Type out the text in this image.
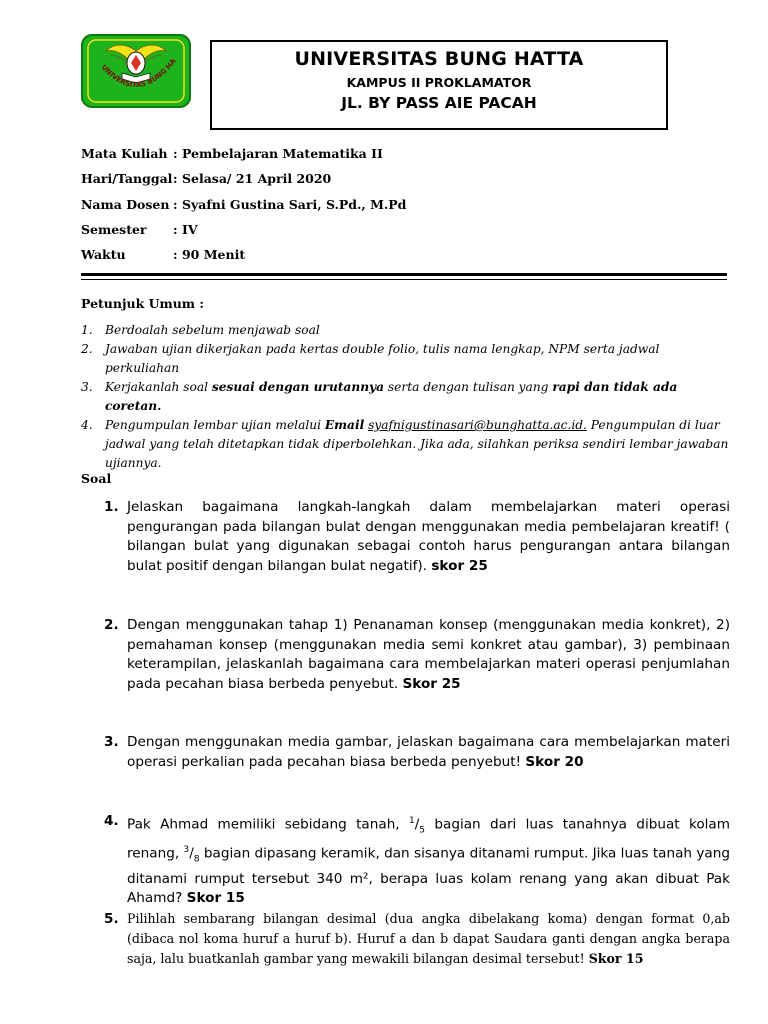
UNIVERSITAS BUNG HA	UNIVERSITAS BUNG HATTA
KAMPUS II PROKLAMATOR
JL. BY PASS AIE PACAH
Mata Kuliah : Pembelajaran Matematika II
Hari/Tanggal : Selasa/ 21 April 2020
Nama Dosen : Syafni Gustina Sari, S.Pd., M.Pd
Semester	: IV
Waktu	: 90 Menit
Petunjuk Umum :
1.	Berdoalah sebelum menjawab soal
2.	Jawaban ujian dikerjakan pada kertas double folio, tulis nama lengkap, NPM serta jadwal perkuliahan
3.	Kerjakanlah soal sesuai dengan urutannya serta dengan tulisan yang rapi dan tidak ada coretan.
4.	Pengumpulan lembar ujian melalui Email syafnigustinasari@bunghatta.ac.id. Pengumpulan di luar jadwal yang telah ditetapkan tidak diperbolehkan. Jika ada, silahkan periksa sendiri lembar jawaban ujiannya.
Soal
1. Jelaskan bagaimana langkah-langkah dalam membelajarkan materi operasi pengurangan pada bilangan bulat dengan menggunakan media pembelajaran kreatif! ( bilangan bulat yang digunakan sebagai contoh harus pengurangan antara bilangan bulat positif dengan bilangan bulat negatif). skor 25
2. Dengan menggunakan tahap 1) Penanaman konsep (menggunakan media konkret), 2) pemahaman konsep (menggunakan media semi konkret atau gambar), 3) pembinaan keterampilan, jelaskanlah bagaimana cara membelajarkan materi operasi penjumlahan pada pecahan biasa berbeda penyebut. Skor 25
3. Dengan menggunakan media gambar, jelaskan bagaimana cara membelajarkan materi operasi perkalian pada pecahan biasa berbeda penyebut! Skor 20
4. Pak Ahmad memiliki sebidang tanah, $^1/_5$ bagian dari luas tanahnya dibuat kolam renang, $^3/_8$ bagian dipasang keramik, dan sisanya ditanami rumput. Jika luas tanah yang ditanami rumput tersebut 340 m², berapa luas kolam renang yang akan dibuat Pak Ahamd? Skor 15
5. Pilihlah sembarang bilangan desimal (dua angka dibelakang koma) dengan format 0,ab (dibaca nol koma huruf a huruf b). Huruf a dan b dapat Saudara ganti dengan angka berapa saja, lalu buatkanlah gambar yang mewakili bilangan desimal tersebut! Skor 15
